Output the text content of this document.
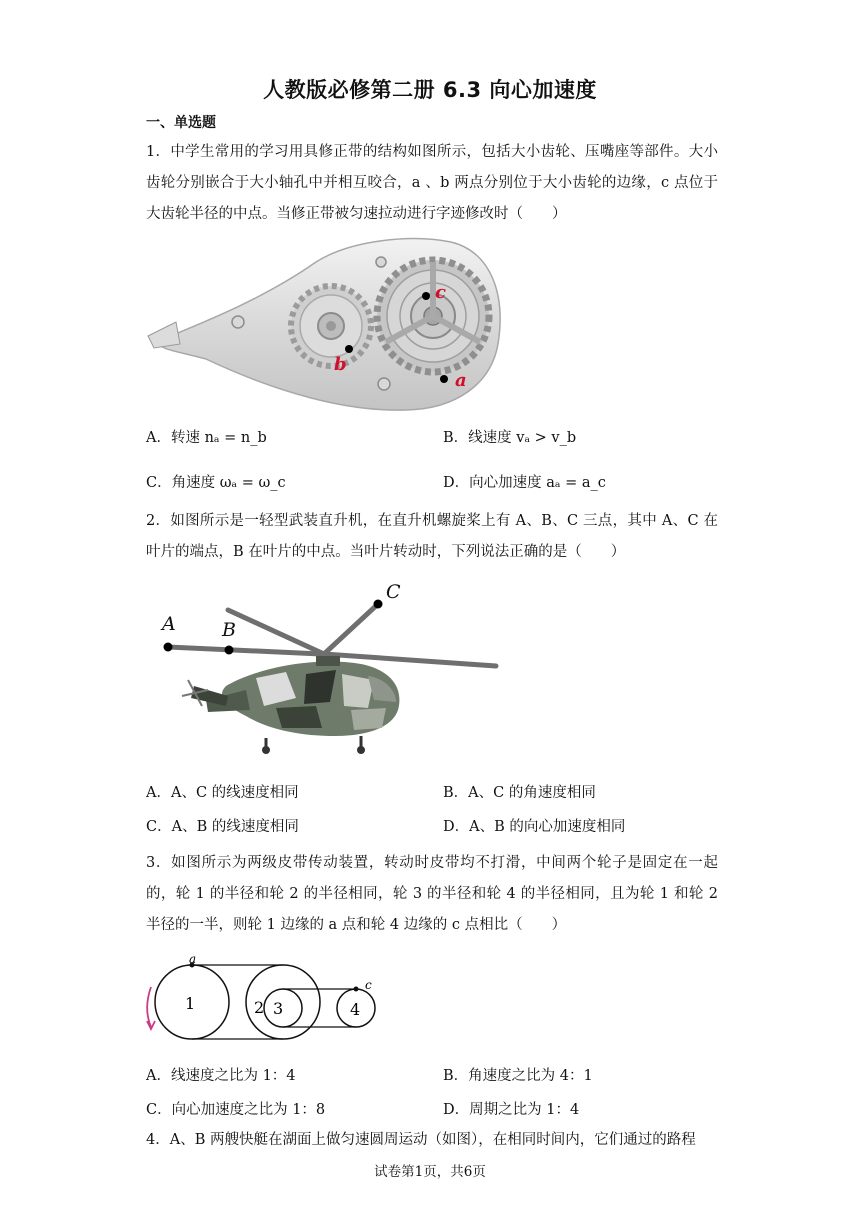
人教版必修第二册 6.3 向心加速度
一、单选题
1．中学生常用的学习用具修正带的结构如图所示，包括大小齿轮、压嘴座等部件。大小齿轮分别嵌合于大小轴孔中并相互咬合，a 、b 两点分别位于大小齿轮的边缘，c 点位于大齿轮半径的中点。当修正带被匀速拉动进行字迹修改时（　　）
c
b
a
A．转速 nₐ = n_b	B．线速度 vₐ > v_b
C．角速度 ωₐ = ω_c	D．向心加速度 aₐ = a_c
2．如图所示是一轻型武装直升机，在直升机螺旋桨上有 A、B、C 三点，其中 A、C 在叶片的端点，B 在叶片的中点。当叶片转动时，下列说法正确的是（　　）
A B
C
A．A、C 的线速度相同	B．A、C 的角速度相同
C．A、B 的线速度相同	D．A、B 的向心加速度相同
3．如图所示为两级皮带传动装置，转动时皮带均不打滑，中间两个轮子是固定在一起的，轮 1 的半径和轮 2 的半径相同，轮 3 的半径和轮 4 的半径相同，且为轮 1 和轮 2 半径的一半，则轮 1 边缘的 a 点和轮 4 边缘的 c 点相比（　　）
a
c
1	2 3	4
A．线速度之比为 1：4	B．角速度之比为 4：1
C．向心加速度之比为 1：8	D．周期之比为 1：4
4．A、B 两艘快艇在湖面上做匀速圆周运动（如图），在相同时间内，它们通过的路程
试卷第1页，共6页
